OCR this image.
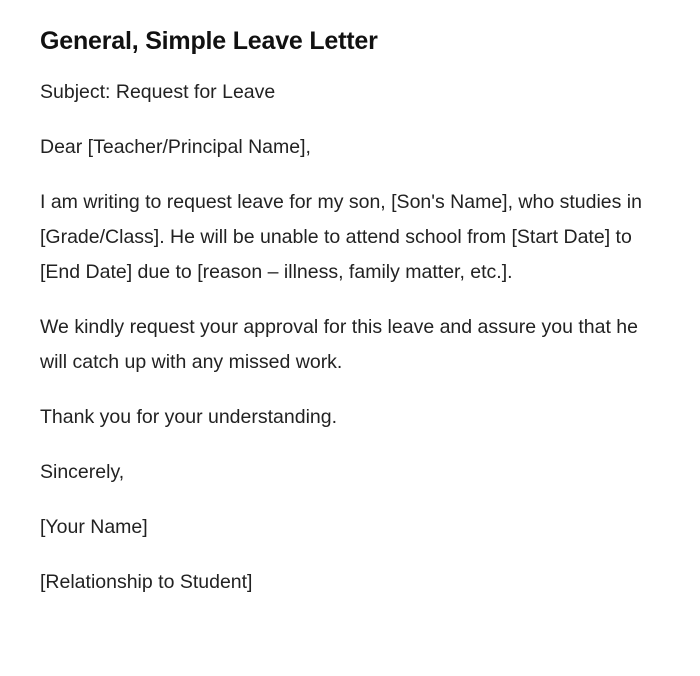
General, Simple Leave Letter

Subject: Request for Leave

Dear [Teacher/Principal Name],

I am writing to request leave for my son, [Son's Name], who studies in [Grade/Class]. He will be unable to attend school from [Start Date] to [End Date] due to [reason – illness, family matter, etc.].

We kindly request your approval for this leave and assure you that he will catch up with any missed work.

Thank you for your understanding.

Sincerely,

[Your Name]

[Relationship to Student]
